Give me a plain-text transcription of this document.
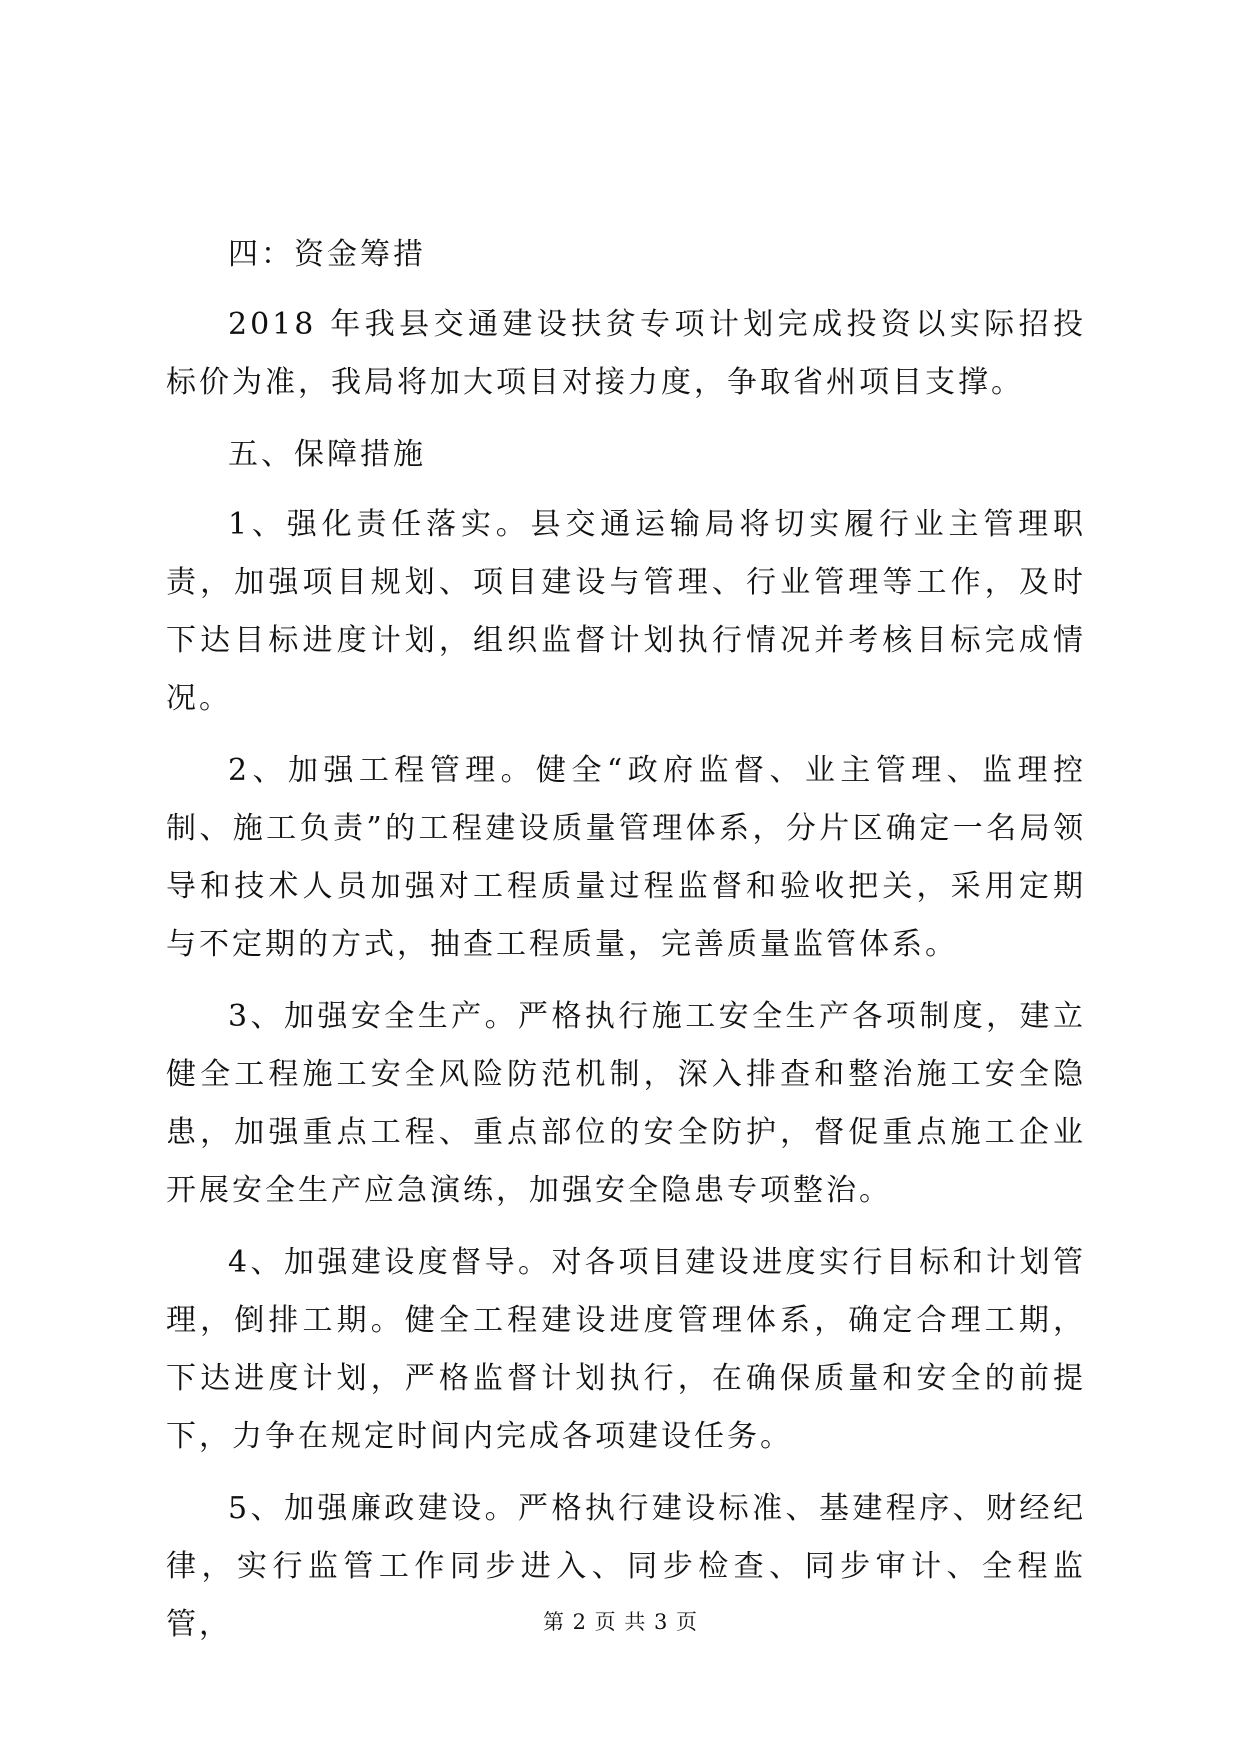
四：资金筹措

2018 年我县交通建设扶贫专项计划完成投资以实际招投标价为准，我局将加大项目对接力度，争取省州项目支撑。

五、保障措施

1、强化责任落实。县交通运输局将切实履行业主管理职责，加强项目规划、项目建设与管理、行业管理等工作，及时下达目标进度计划，组织监督计划执行情况并考核目标完成情况。

2、加强工程管理。健全“政府监督、业主管理、监理控制、施工负责”的工程建设质量管理体系，分片区确定一名局领导和技术人员加强对工程质量过程监督和验收把关，采用定期与不定期的方式，抽查工程质量，完善质量监管体系。

3、加强安全生产。严格执行施工安全生产各项制度，建立健全工程施工安全风险防范机制，深入排查和整治施工安全隐患，加强重点工程、重点部位的安全防护，督促重点施工企业开展安全生产应急演练，加强安全隐患专项整治。

4、加强建设度督导。对各项目建设进度实行目标和计划管理，倒排工期。健全工程建设进度管理体系，确定合理工期，下达进度计划，严格监督计划执行，在确保质量和安全的前提下，力争在规定时间内完成各项建设任务。

5、加强廉政建设。严格执行建设标准、基建程序、财经纪律，实行监管工作同步进入、同步检查、同步审计、全程监管，	第 2 页 共 3 页
